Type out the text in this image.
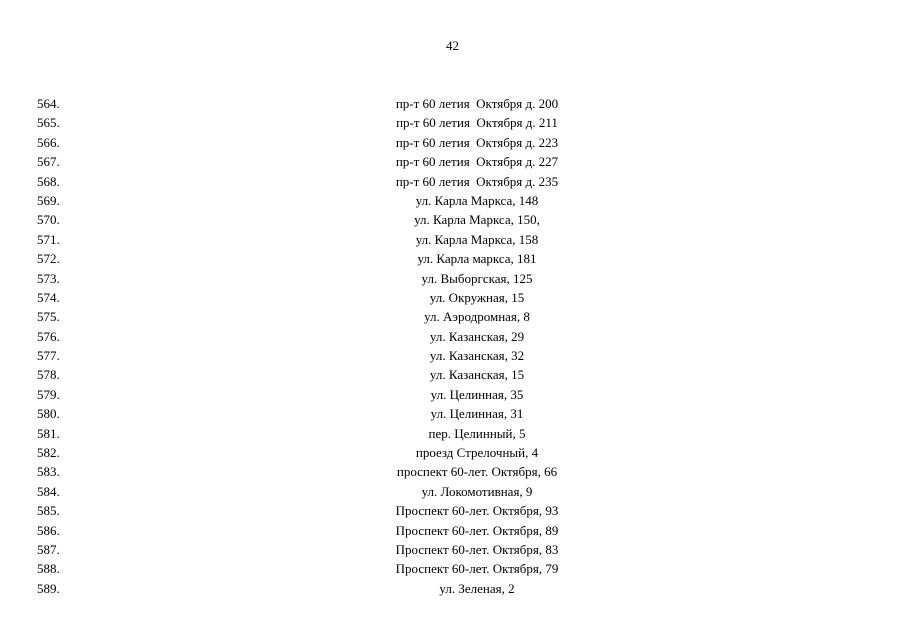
42
564.	пр-т 60 летия  Октября д. 200
565.	пр-т 60 летия  Октября д. 211
566.	пр-т 60 летия  Октября д. 223
567.	пр-т 60 летия  Октября д. 227
568.	пр-т 60 летия  Октября д. 235
569.	ул. Карла Маркса, 148
570.	ул. Карла Маркса, 150,
571.	ул. Карла Маркса, 158
572.	ул. Карла маркса, 181
573.	ул. Выборгская, 125
574.	ул. Окружная, 15
575.	ул. Аэродромная, 8
576.	ул. Казанская, 29
577.	ул. Казанская, 32
578.	ул. Казанская, 15
579.	ул. Целинная, 35
580.	ул. Целинная, 31
581.	пер. Целинный, 5
582.	проезд Стрелочный, 4
583.	проспект 60-лет. Октября, 66
584.	ул. Локомотивная, 9
585.	Проспект 60-лет. Октября, 93
586.	Проспект 60-лет. Октября, 89
587.	Проспект 60-лет. Октября, 83
588.	Проспект 60-лет. Октября, 79
589.	ул. Зеленая, 2
